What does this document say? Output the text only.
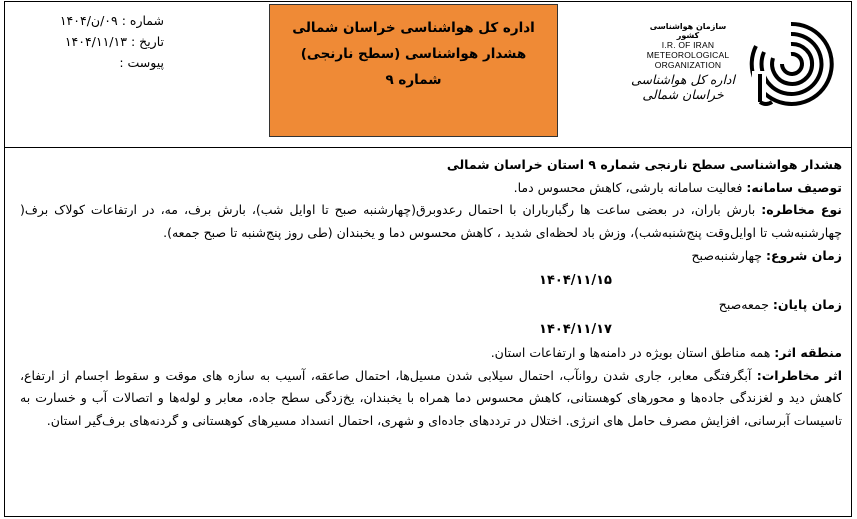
شماره : ۰۹/ن/۱۴۰۴
تاریخ : ۱۴۰۴/۱۱/۱۳
پیوست :
اداره کل هواشناسی خراسان شمالی
هشدار هواشناسی (سطح نارنجی)
شماره ۹
سازمان هواشناسی کشور
I.R. OF IRAN
METEOROLOGICAL
ORGANIZATION
اداره کل هواشناسی خراسان شمالی

هشدار هواشناسی سطح نارنجی شماره ۹ استان خراسان شمالی

توصیف سامانه: فعالیت سامانه بارشی، کاهش محسوس دما.

نوع مخاطره: بارش باران، در بعضی ساعت ها رگبارباران با احتمال رعدوبرق(چهارشنبه صبح تا اوایل شب)، بارش برف، مه، در ارتفاعات کولاک برف( چهارشنبه‌شب تا اوایل‌وقت پنج‌شنبه‌شب)، وزش باد لحظه‌ای شدید ، کاهش محسوس دما و یخبندان (طی روز پنج‌شنبه تا صبح جمعه).

زمان شروع: چهارشنبه‌صبح
۱۴۰۴/۱۱/۱۵

زمان پایان: جمعه‌صبح
۱۴۰۴/۱۱/۱۷

منطقه اثر: همه مناطق استان بویژه در دامنه‌ها و ارتفاعات استان.

اثر مخاطرات: آبگرفتگی معابر، جاری شدن روانآب، احتمال سیلابی شدن مسیل‌ها، احتمال صاعقه، آسیب به سازه های موقت و سقوط اجسام از ارتفاع، کاهش دید و لغزندگی جاده‌ها و محورهای کوهستانی، کاهش محسوس دما همراه با یخبندان، یخ‌زدگی سطح جاده، معابر و لوله‌ها و اتصالات آب و خسارت به تاسیسات آبرسانی، افزایش مصرف حامل های انرژی. اختلال در ترددهای جاده‌ای و شهری، احتمال انسداد مسیرهای کوهستانی و گردنه‌های برف‌گیر استان.
